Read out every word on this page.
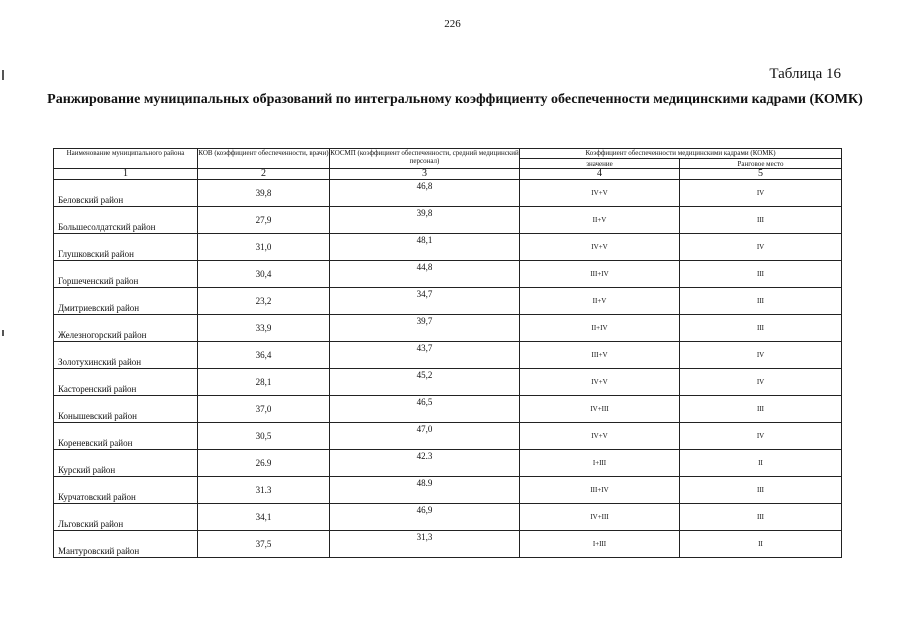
226
Таблица 16
Ранжирование муниципальных образований по интегральному коэффициенту обеспеченности медицинскими кадрами (КОМК)
Наименование муниципального района	КОВ (коэффициент обеспеченности, врачи)	КОСМП (коэффициент обеспеченности, средний медицинский персонал)	Коэффициент обеспеченности медицинскими кадрами (КОМК)	
			значение	Ранговое место
1	2	3	4	5
Беловский район	39,8	46,8	IV+V	IV
Большесолдатский район	27,9	39,8	II+V	III
Глушковский район	31,0	48,1	IV+V	IV
Горшеченский район	30,4	44,8	III+IV	III
Дмитриевский район	23,2	34,7	II+V	III
Железногорский район	33,9	39,7	II+IV	III
Золотухинский район	36,4	43,7	III+V	IV
Касторенский район	28,1	45,2	IV+V	IV
Конышевский район	37,0	46,5	IV+III	III
Кореневский район	30,5	47,0	IV+V	IV
Курский район	26.9	42.3	I+III	II
Курчатовский район	31.3	48.9	III+IV	III
Льговский район	34,1	46,9	IV+III	III
Мантуровский район	37,5	31,3	I+III	II
